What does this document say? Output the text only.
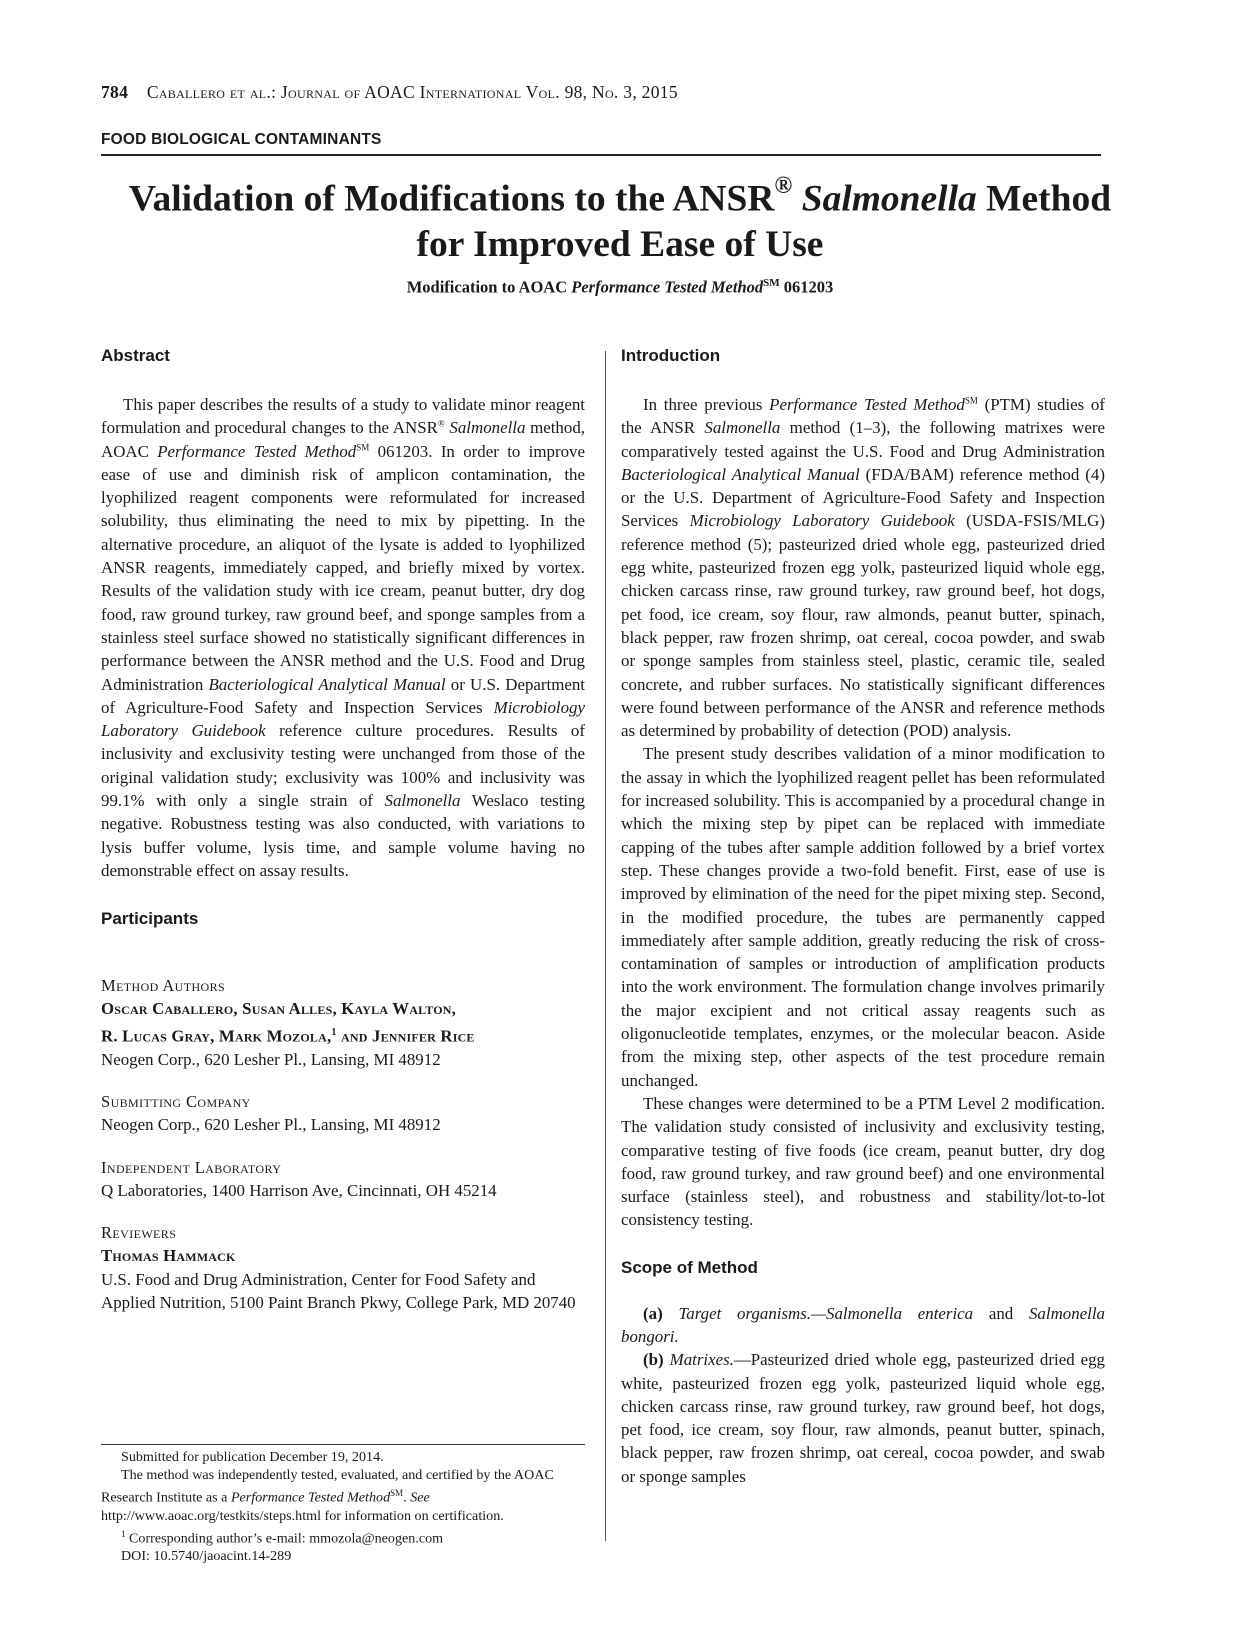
784 Caballero et al.: Journal of AOAC International Vol. 98, No. 3, 2015
FOOD BIOLOGICAL CONTAMINANTS
Validation of Modifications to the ANSR® Salmonella Method
for Improved Ease of Use
Modification to AOAC Performance Tested Method℠ 061203
Abstract

This paper describes the results of a study to validate minor reagent formulation and procedural changes to the ANSR® Salmonella method, AOAC Performance Tested Method℠ 061203. In order to improve ease of use and diminish risk of amplicon contamination, the lyophilized reagent components were reformulated for increased solubility, thus eliminating the need to mix by pipetting. In the alternative procedure, an aliquot of the lysate is added to lyophilized ANSR reagents, immediately capped, and briefly mixed by vortex. Results of the validation study with ice cream, peanut butter, dry dog food, raw ground turkey, raw ground beef, and sponge samples from a stainless steel surface showed no statistically significant differences in performance between the ANSR method and the U.S. Food and Drug Administration Bacteriological Analytical Manual or U.S. Department of Agriculture-Food Safety and Inspection Services Microbiology Laboratory Guidebook reference culture procedures. Results of inclusivity and exclusivity testing were unchanged from those of the original validation study; exclusivity was 100% and inclusivity was 99.1% with only a single strain of Salmonella Weslaco testing negative. Robustness testing was also conducted, with variations to lysis buffer volume, lysis time, and sample volume having no demonstrable effect on assay results.

Participants

Method Authors

Oscar Caballero, Susan Alles, Kayla Walton,
R. Lucas Gray, Mark Mozola,$^1$ and Jennifer Rice

Neogen Corp., 620 Lesher Pl., Lansing, MI 48912

Submitting Company

Neogen Corp., 620 Lesher Pl., Lansing, MI 48912

Independent Laboratory

Q Laboratories, 1400 Harrison Ave, Cincinnati, OH 45214

Reviewers

Thomas Hammack

U.S. Food and Drug Administration, Center for Food Safety and Applied Nutrition, 5100 Paint Branch Pkwy, College Park, MD 20740

Submitted for publication December 19, 2014.
The method was independently tested, evaluated, and certified by the AOAC Research Institute as a Performance Tested Method℠. See http://www.aoac.org/testkits/steps.html for information on certification.
$^1$ Corresponding author’s e-mail: mmozola@neogen.com
DOI: 10.5740/jaoacint.14-289
Introduction

In three previous Performance Tested Method℠ (PTM) studies of the ANSR Salmonella method (1–3), the following matrixes were comparatively tested against the U.S. Food and Drug Administration Bacteriological Analytical Manual (FDA/BAM) reference method (4) or the U.S. Department of Agriculture-Food Safety and Inspection Services Microbiology Laboratory Guidebook (USDA-FSIS/MLG) reference method (5); pasteurized dried whole egg, pasteurized dried egg white, pasteurized frozen egg yolk, pasteurized liquid whole egg, chicken carcass rinse, raw ground turkey, raw ground beef, hot dogs, pet food, ice cream, soy flour, raw almonds, peanut butter, spinach, black pepper, raw frozen shrimp, oat cereal, cocoa powder, and swab or sponge samples from stainless steel, plastic, ceramic tile, sealed concrete, and rubber surfaces. No statistically significant differences were found between performance of the ANSR and reference methods as determined by probability of detection (POD) analysis.
The present study describes validation of a minor modification to the assay in which the lyophilized reagent pellet has been reformulated for increased solubility. This is accompanied by a procedural change in which the mixing step by pipet can be replaced with immediate capping of the tubes after sample addition followed by a brief vortex step. These changes provide a two-fold benefit. First, ease of use is improved by elimination of the need for the pipet mixing step. Second, in the modified procedure, the tubes are permanently capped immediately after sample addition, greatly reducing the risk of cross-contamination of samples or introduction of amplification products into the work environment. The formulation change involves primarily the major excipient and not critical assay reagents such as oligonucleotide templates, enzymes, or the molecular beacon. Aside from the mixing step, other aspects of the test procedure remain unchanged.
These changes were determined to be a PTM Level 2 modification. The validation study consisted of inclusivity and exclusivity testing, comparative testing of five foods (ice cream, peanut butter, dry dog food, raw ground turkey, and raw ground beef) and one environmental surface (stainless steel), and robustness and stability/lot-to-lot consistency testing.

Scope of Method

(a) Target organisms.—Salmonella enterica and Salmonella bongori.
(b) Matrixes.—Pasteurized dried whole egg, pasteurized dried egg white, pasteurized frozen egg yolk, pasteurized liquid whole egg, chicken carcass rinse, raw ground turkey, raw ground beef, hot dogs, pet food, ice cream, soy flour, raw almonds, peanut butter, spinach, black pepper, raw frozen shrimp, oat cereal, cocoa powder, and swab or sponge samples
